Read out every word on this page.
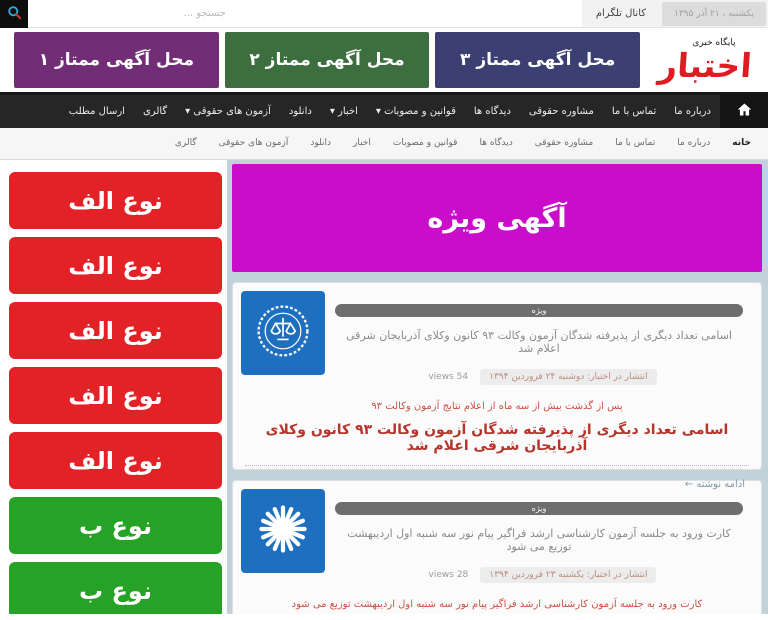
جستجو ...
کانال تلگرام	یکشنبه ، ۲۱ آذر ۱۳۹۵
محل آگهی ممتاز ۱	محل آگهی ممتاز ۲	محل آگهی ممتاز ۳
پایگاه خبری
اختبار
درباره ما
تماس با ما
مشاوره حقوقی
دیدگاه ها
قوانین و مصوبات ▾
اخبار ▾
دانلود
آزمون های حقوقی ▾
گالری
ارسال مطلب
خانه
درباره ما
تماس با ما
مشاوره حقوقی
دیدگاه ها
قوانین و مصوبات
اخبار
دانلود
آزمون های حقوقی
گالری
نوع الف
نوع الف
نوع الف
نوع الف
نوع الف
نوع ب
نوع ب
آگهی ویژه
ویژه
اسامی تعداد دیگری از پذیرفته شدگان آزمون وکالت ۹۳ کانون وکلای آذربایجان شرقی اعلام شد
انتشار در اختبار: دوشنبه ۲۴ فروردین ۱۳۹۴ views 54
پس از گذشت بیش از سه ماه از اعلام نتایج آزمون وکالت ۹۳
اسامی تعداد دیگری از پذیرفته شدگان آزمون وکالت ۹۳ کانون وکلای آذربایجان شرقی اعلام شد
ادامه نوشته ←
ویژه
کارت ورود به جلسه آزمون کارشناسی ارشد فراگیر پیام نور سه شنبه اول اردیبهشت توزیع می شود
انتشار در اختبار: یکشنبه ۲۳ فروردین ۱۳۹۴ views 28
کارت ورود به جلسه آزمون کارشناسی ارشد فراگیر پیام نور سه شنبه اول اردیبهشت توزیع می شود
